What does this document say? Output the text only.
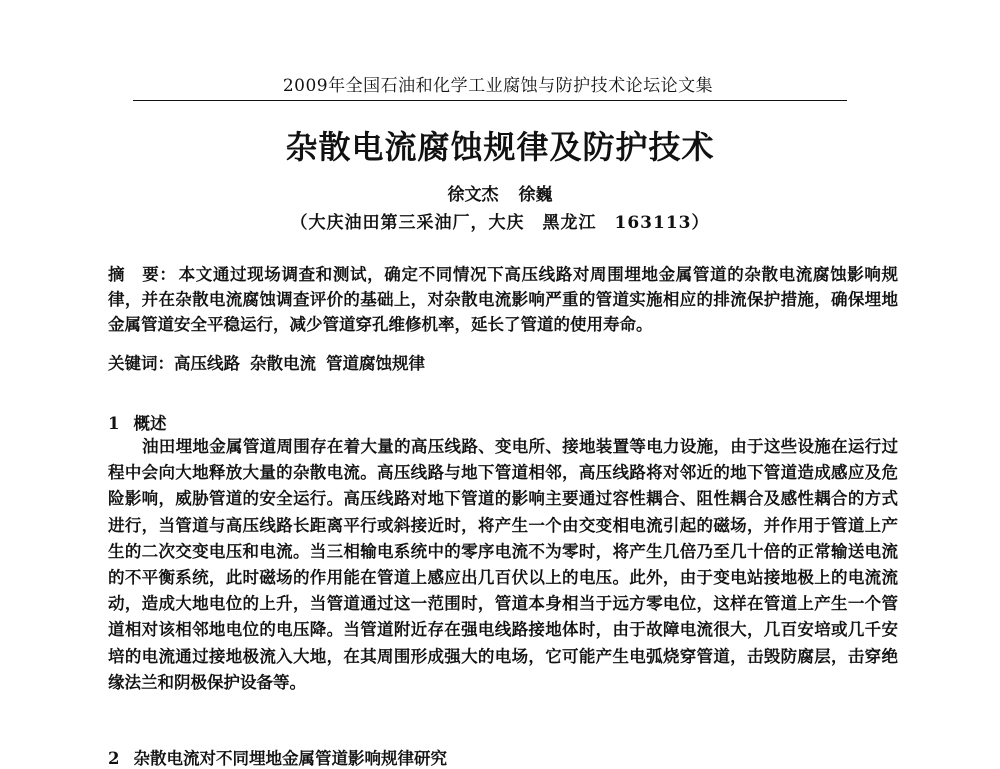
2009年全国石油和化学工业腐蚀与防护技术论坛论文集
杂散电流腐蚀规律及防护技术
徐文杰 徐巍
（大庆油田第三采油厂，大庆　黑龙江　163113）
摘　要： 本文通过现场调查和测试，确定不同情况下高压线路对周围埋地金属管道的杂散电流腐蚀影响规律，并在杂散电流腐蚀调查评价的基础上，对杂散电流影响严重的管道实施相应的排流保护措施，确保埋地金属管道安全平稳运行，减少管道穿孔维修机率，延长了管道的使用寿命。
关键词：高压线路 杂散电流 管道腐蚀规律
1 概述
油田埋地金属管道周围存在着大量的高压线路、变电所、接地装置等电力设施，由于这些设施在运行过程中会向大地释放大量的杂散电流。高压线路与地下管道相邻，高压线路将对邻近的地下管道造成感应及危险影响，威胁管道的安全运行。高压线路对地下管道的影响主要通过容性耦合、阻性耦合及感性耦合的方式进行，当管道与高压线路长距离平行或斜接近时，将产生一个由交变相电流引起的磁场，并作用于管道上产生的二次交变电压和电流。当三相输电系统中的零序电流不为零时，将产生几倍乃至几十倍的正常输送电流的不平衡系统，此时磁场的作用能在管道上感应出几百伏以上的电压。此外，由于变电站接地极上的电流流动，造成大地电位的上升，当管道通过这一范围时，管道本身相当于远方零电位，这样在管道上产生一个管道相对该相邻地电位的电压降。当管道附近存在强电线路接地体时，由于故障电流很大，几百安培或几千安培的电流通过接地极流入大地，在其周围形成强大的电场，它可能产生电弧烧穿管道，击毁防腐层，击穿绝缘法兰和阴极保护设备等。
2 杂散电流对不同埋地金属管道影响规律研究
